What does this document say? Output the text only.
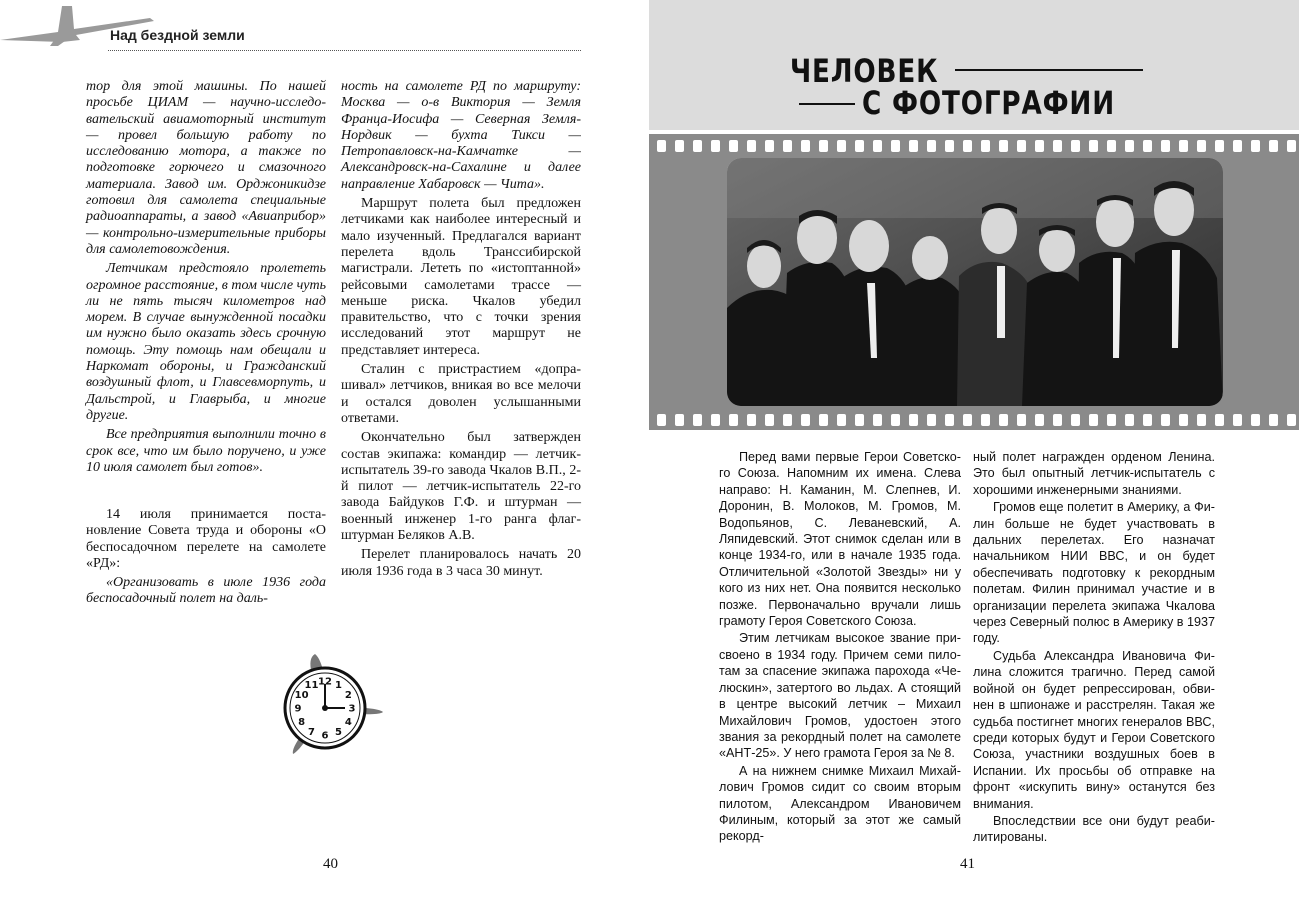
Над бездной земли

тор для этой машины. По нашей просьбе ЦИАМ — научно-исследовательский авиамоторный институт — провел большую работу по исследованию мотора, а также по подготовке горючего и смазочного материала. Завод им. Орджоникидзе готовил для самолета специальные радиоаппараты, а завод «Авиаприбор» — контрольно-измерительные приборы для самолетовождения.

Летчикам предстояло пролететь огромное расстояние, в том числе чуть ли не пять тысяч километров над морем. В случае вынужденной посадки им нужно было оказать здесь срочную помощь. Эту помощь нам обещали и Наркомат обороны, и Гражданский воздушный флот, и Главсевморпуть, и Дальстрой, и Главрыба, и многие другие.

Все предприятия выполнили точно в срок все, что им было поручено, и уже 10 июля самолет был готов».

14 июля принимается постановление Совета труда и обороны «О беспосадочном перелете на самолете «РД»:

«Организовать в июле 1936 года беспосадочный полет на даль-

ность на самолете РД по маршруту: Москва — о-в Виктория — Земля Франца-Иосифа — Северная Земля-Нордвик — бухта Тикси — Петропавловск-на-Камчатке — Александровск-на-Сахалине и далее направление Хабаровск — Чита».

Маршрут полета был предложен летчиками как наиболее интересный и мало изученный. Предлагался вариант перелета вдоль Транссибирской магистрали. Лететь по «истоптанной» рейсовыми самолетами трассе — меньше риска. Чкалов убедил правительство, что с точки зрения исследований этот маршрут не представляет интереса.

Сталин с пристрастием «допрашивал» летчиков, вникая во все мелочи и остался доволен услышанными ответами.

Окончательно был затвержден состав экипажа: командир — летчик-испытатель 39-го завода Чкалов В.П., 2-й пилот — летчик-испытатель 22-го завода Байдуков Г.Ф. и штурман — военный инженер 1-го ранга флаг-штурман Беляков А.В.

Перелет планировалось начать 20 июля 1936 года в 3 часа 30 минут.

12 1
2
3
4
5
6
7
8
9
10
11
40
ЧЕЛОВЕК
С ФОТОГРАФИИ

Перед вами первые Герои Советского Союза. Напомним их имена. Слева направо: Н. Каманин, М. Слепнев, И. Доронин, В. Молоков, М. Громов, М. Водопьянов, С. Леваневский, А. Ляпидевский. Этот снимок сделан или в конце 1934-го, или в начале 1935 года. Отличительной «Золотой Звезды» ни у кого из них нет. Она появится несколько позже. Первоначально вручали лишь грамоту Героя Советского Союза.

Этим летчикам высокое звание присвоено в 1934 году. Причем семи пилотам за спасение экипажа парохода «Челюскин», затертого во льдах. А стоящий в центре высокий летчик – Михаил Михайлович Громов, удостоен этого звания за рекордный полет на самолете «АНТ-25». У него грамота Героя за № 8.

А на нижнем снимке Михаил Михайлович Громов сидит со своим вторым пилотом, Александром Ивановичем Филиным, который за этот же самый рекорд-

ный полет награжден орденом Ленина. Это был опытный летчик-испытатель с хорошими инженерными знаниями.

Громов еще полетит в Америку, а Филин больше не будет участвовать в дальних перелетах. Его назначат начальником НИИ ВВС, и он будет обеспечивать подготовку к рекордным полетам. Филин принимал участие и в организации перелета экипажа Чкалова через Северный полюс в Америку в 1937 году.

Судьба Александра Ивановича Филина сложится трагично. Перед самой войной он будет репрессирован, обвинен в шпионаже и расстрелян. Такая же судьба постигнет многих генералов ВВС, среди которых будут и Герои Советского Союза, участники воздушных боев в Испании. Их просьбы об отправке на фронт «искупить вину» останутся без внимания.

Впоследствии все они будут реабилитированы.

41
